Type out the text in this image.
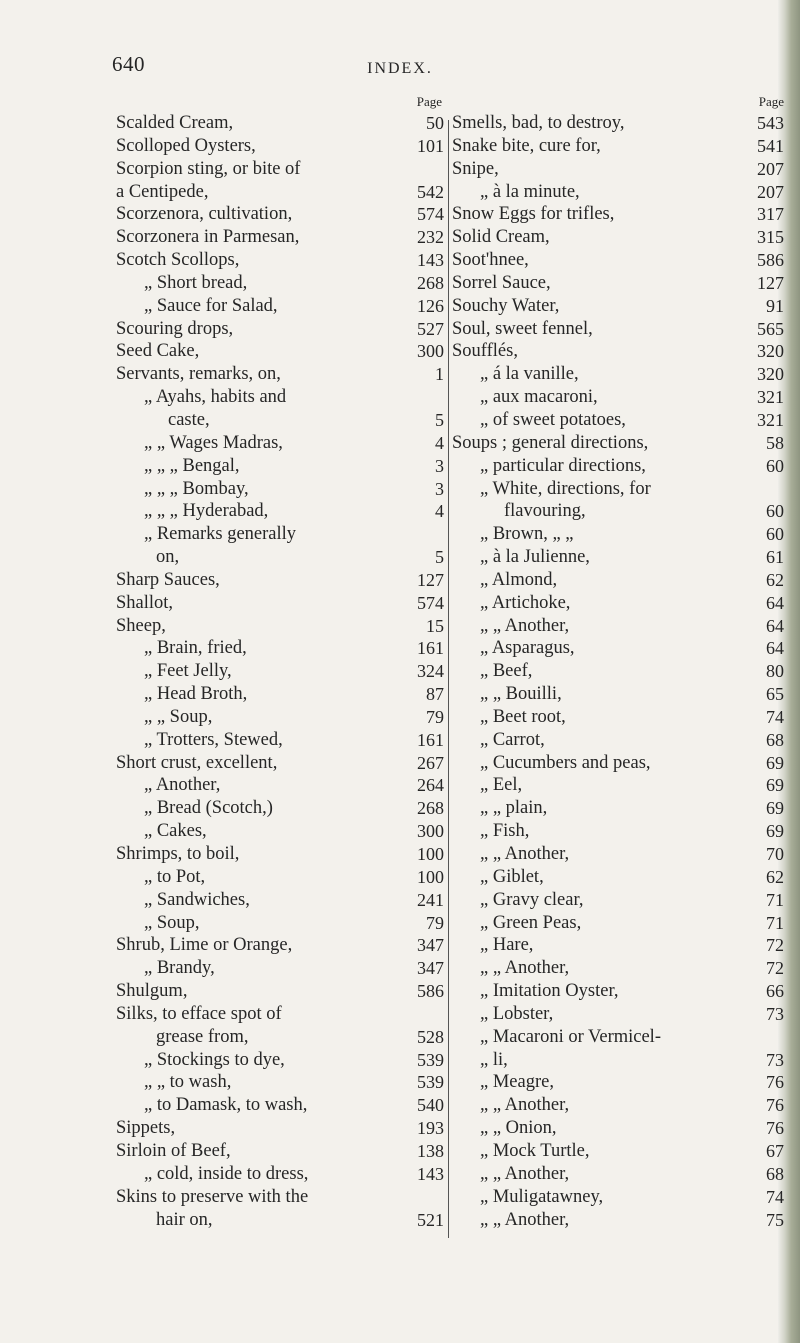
640	INDEX.
Page
Scalded Cream,	50
Scolloped Oysters,	101
Scorpion sting, or bite of
a Centipede,	542
Scorzenora, cultivation,	574
Scorzonera in Parmesan,	232
Scotch Scollops,	143
„ Short bread,	268
„ Sauce for Salad,	126
Scouring drops,	527
Seed Cake,	300
Servants, remarks, on,	1
„ Ayahs, habits and
caste,	5
„ „ Wages Madras,	4
„ „ „ Bengal,	3
„ „ „ Bombay,	3
„ „ „ Hyderabad,	4
„ Remarks generally
on,	5
Sharp Sauces,	127
Shallot,	574
Sheep,	15
„ Brain, fried,	161
„ Feet Jelly,	324
„ Head Broth,	87
„ „ Soup,	79
„ Trotters, Stewed,	161
Short crust, excellent,	267
„ Another,	264
„ Bread (Scotch,)	268
„ Cakes,	300
Shrimps, to boil,	100
„ to Pot,	100
„ Sandwiches,	241
„ Soup,	79
Shrub, Lime or Orange,	347
„ Brandy,	347
Shulgum,	586
Silks, to efface spot of
grease from,	528
„ Stockings to dye,	539
„ „ to wash,	539
„ to Damask, to wash,	540
Sippets,	193
Sirloin of Beef,	138
„ cold, inside to dress,	143
Skins to preserve with the
hair on,	521
Page
Smells, bad, to destroy,	543
Snake bite, cure for,	541
Snipe,	207
„ à la minute,	207
Snow Eggs for trifles,	317
Solid Cream,	315
Soot'hnee,	586
Sorrel Sauce,	127
Souchy Water,	91
Soul, sweet fennel,	565
Soufflés,	320
„ á la vanille,	320
„ aux macaroni,	321
„ of sweet potatoes,	321
Soups ; general directions,	58
„ particular directions,	60
„ White, directions, for
flavouring,	60
„ Brown, „ „	60
„ à la Julienne,	61
„ Almond,	62
„ Artichoke,	64
„ „ Another,	64
„ Asparagus,	64
„ Beef,	80
„ „ Bouilli,	65
„ Beet root,	74
„ Carrot,	68
„ Cucumbers and peas,	69
„ Eel,	69
„ „ plain,	69
„ Fish,	69
„ „ Another,	70
„ Giblet,	62
„ Gravy clear,	71
„ Green Peas,	71
„ Hare,	72
„ „ Another,	72
„ Imitation Oyster,	66
„ Lobster,	73
„ Macaroni or Vermicel-
„ li,	73
„ Meagre,	76
„ „ Another,	76
„ „ Onion,	76
„ Mock Turtle,	67
„ „ Another,	68
„ Muligatawney,	74
„ „ Another,	75
